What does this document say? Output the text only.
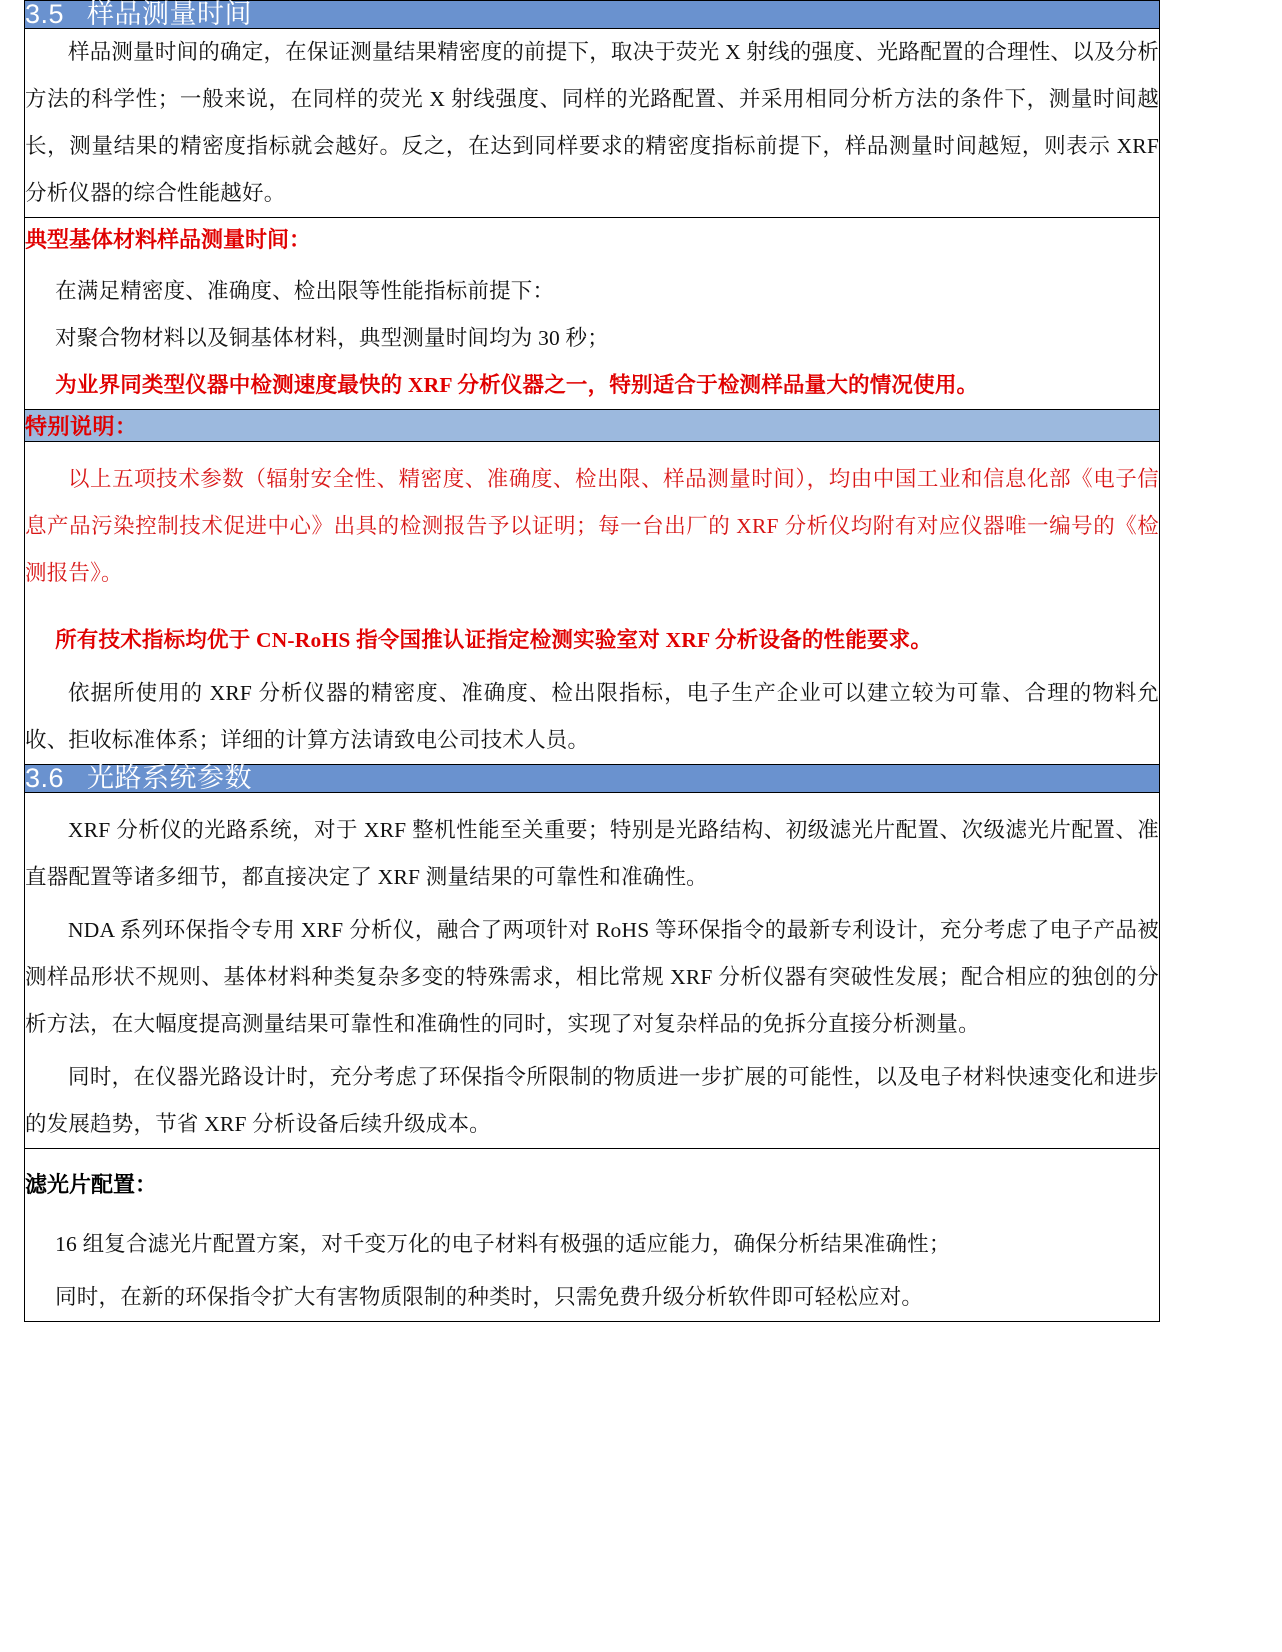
3.5 样品测量时间

样品测量时间的确定，在保证测量结果精密度的前提下，取决于荧光 X 射线的强度、光路配置的合理性、以及分析方法的科学性；一般来说，在同样的荧光 X 射线强度、同样的光路配置、并采用相同分析方法的条件下，测量时间越长，测量结果的精密度指标就会越好。反之，在达到同样要求的精密度指标前提下，样品测量时间越短，则表示 XRF 分析仪器的综合性能越好。

典型基体材料样品测量时间：

在满足精密度、准确度、检出限等性能指标前提下：

对聚合物材料以及铜基体材料，典型测量时间均为 30 秒；

为业界同类型仪器中检测速度最快的 XRF 分析仪器之一，特别适合于检测样品量大的情况使用。

特别说明：

以上五项技术参数（辐射安全性、精密度、准确度、检出限、样品测量时间），均由中国工业和信息化部《电子信息产品污染控制技术促进中心》出具的检测报告予以证明；每一台出厂的 XRF 分析仪均附有对应仪器唯一编号的《检测报告》。

所有技术指标均优于 CN-RoHS 指令国推认证指定检测实验室对 XRF 分析设备的性能要求。

依据所使用的 XRF 分析仪器的精密度、准确度、检出限指标，电子生产企业可以建立较为可靠、合理的物料允收、拒收标准体系；详细的计算方法请致电公司技术人员。

3.6 光路系统参数

XRF 分析仪的光路系统，对于 XRF 整机性能至关重要；特别是光路结构、初级滤光片配置、次级滤光片配置、准直器配置等诸多细节，都直接决定了 XRF 测量结果的可靠性和准确性。

NDA 系列环保指令专用 XRF 分析仪，融合了两项针对 RoHS 等环保指令的最新专利设计，充分考虑了电子产品被测样品形状不规则、基体材料种类复杂多变的特殊需求，相比常规 XRF 分析仪器有突破性发展；配合相应的独创的分析方法，在大幅度提高测量结果可靠性和准确性的同时，实现了对复杂样品的免拆分直接分析测量。

同时，在仪器光路设计时，充分考虑了环保指令所限制的物质进一步扩展的可能性，以及电子材料快速变化和进步的发展趋势，节省 XRF 分析设备后续升级成本。

滤光片配置：

16 组复合滤光片配置方案，对千变万化的电子材料有极强的适应能力，确保分析结果准确性；

同时，在新的环保指令扩大有害物质限制的种类时，只需免费升级分析软件即可轻松应对。
